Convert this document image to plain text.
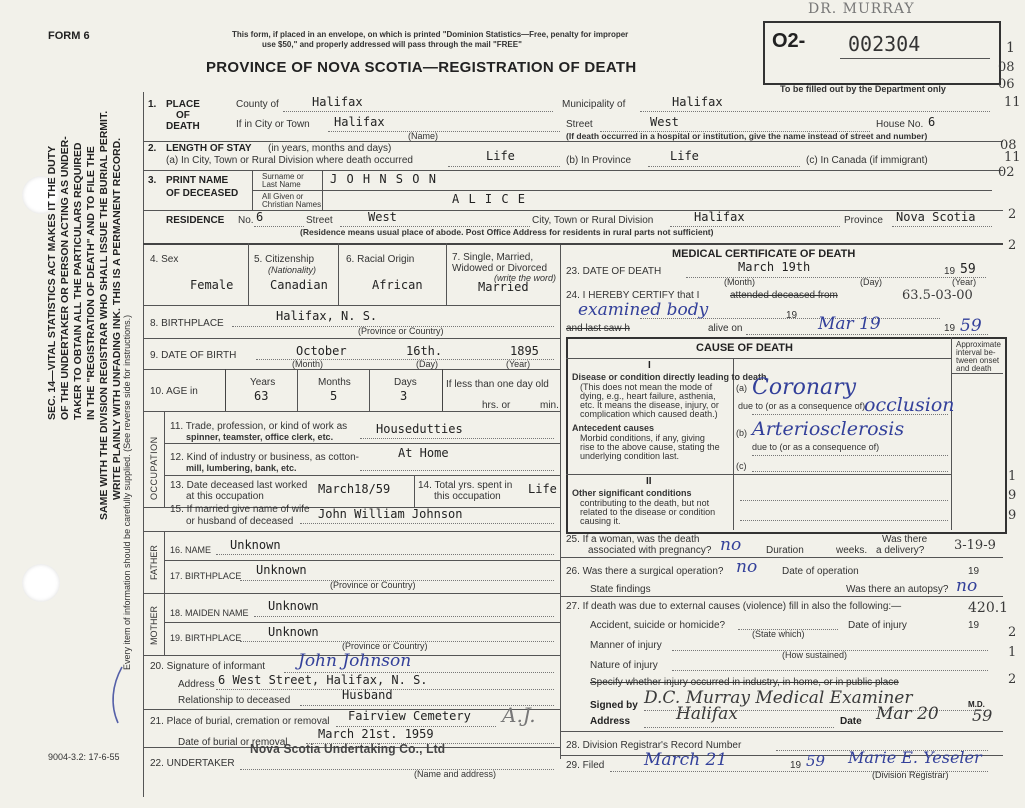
FORM 6	This form, if placed in an envelope, on which is printed "Dominion Statistics—Free, penalty for improper
use $50," and properly addressed will pass through the mail "FREE"
PROVINCE OF NOVA SCOTIA—REGISTRATION OF DEATH
DR. MURRAY
O2- 002304
To be filled out by the Department only
SEC. 14—VITAL STATISTICS ACT MAKES IT THE DUTY OF THE UNDERTAKER OR PERSON ACTING AS UNDER- TAKER TO OBTAIN ALL THE PARTICULARS REQUIRED IN THE "REGISTRATION OF DEATH" AND TO FILE THE SAME WITH THE DIVISION REGISTRAR WHO SHALL ISSUE THE BURIAL PERMIT. WRITE PLAINLY WITH UNFADING INK. THIS IS A PERMANENT RECORD. Every item of information should be carefully supplied. (See reverse side for instructions.)
1. PLACE
OF
DEATH
County of	Halifax	Municipality of	Halifax
If in City or Town Halifax
(Name)
Street	West	House No. 6
(If death occurred in a hospital or institution, give the name instead of street and number)
2. LENGTH OF STAY (in years, months and days)
(a) In City, Town or Rural Division where death occurred	Life	(b) In Province	Life	(c) In Canada (if immigrant)
3. PRINT NAME
OF DECEASED
Surname or
Last Name J O H N S O N
All Given or
Christian Names	A L I C E
RESIDENCE No. 6	Street	West	City, Town or Rural Division	Halifax	Province Nova Scotia
(Residence means usual place of abode. Post Office Address for residents in rural parts not sufficient)
4. Sex
Female
5. Citizenship
(Nationality)
Canadian
6. Racial Origin
African
7. Single, Married,
Widowed or Divorced
(write the word)
Married
8. BIRTHPLACE
Halifax, N. S.
(Province or Country)
9. DATE OF BIRTH	October	16th.	1895
(Month)	(Day)	(Year)
10. AGE in
Years
63
Months
5
Days
3
If less than one day old
hrs. or	min.
OCCUPATION
11. Trade, profession, or kind of work as
spinner, teamster, office clerk, etc.
Housedutties
12. Kind of industry or business, as cotton-
mill, lumbering, bank, etc.
At Home
13. Date deceased last worked
at this occupation
March18/59	14. Total yrs. spent in
this occupation
Life
15. If married give name of wife
or husband of deceased
John William Johnson
FATHER 16. NAME Unknown
17. BIRTHPLACE Unknown
(Province or Country)
MOTHER 18. MAIDEN NAME Unknown
19. BIRTHPLACE Unknown
(Province or Country)
20. Signature of informant John Johnson
Address 6 West Street, Halifax, N. S.
Relationship to deceased	Husband
21. Place of burial, cremation or removal Fairview Cemetery A.J.
Date of burial or removal
March 21st. 1959
22. UNDERTAKER
Nova Scotia Undertaking Co., Ltd
(Name and address)
MEDICAL CERTIFICATE OF DEATH
23. DATE OF DEATH	March 19th	19 59
(Month)	(Day)	(Year)
24. I HEREBY CERTIFY that I	attended deceased from
examined body	19
and last saw h	alive on	Mar 19	19 59
CAUSE OF DEATH	Approximate
interval be-
tween onset
and death
I
Disease or condition directly leading to death
(This does not mean the mode of
dying, e.g., heart failure, asthenia,
etc. It means the disease, injury, or
complication which caused death.)
(a) Coronary
due to (or as a consequence of)
occlusion
Antecedent causes
Morbid conditions, if any, giving
rise to the above cause, stating the
underlying condition last.
(b) Arteriosclerosis
due to (or as a consequence of)
(c)
II
Other significant conditions
contributing to the death, but not
related to the disease or condition
causing it.
25. If a woman, was the death
associated with pregnancy? no Duration	weeks.
Was there
a delivery?
26. Was there a surgical operation? no Date of operation	19
State findings	Was there an autopsy? no
27. If death was due to external causes (violence) fill in also the following:—
Accident, suicide or homicide?
(State which)
Date of injury	19
Manner of injury
(How sustained)
Nature of injury
Specify whether injury occurred in industry, in home, or in public place
Signed by D.C. Murray Medical Examiner
Address	Halifax	Date Mar 20 59
M.D.
28. Division Registrar's Record Number
29. Filed March 21	19 59 Marie E. Yeseler
(Division Registrar)
1
08
06
11
08
11
02
63.5-03-00
3-19-9
420.1
2
2
1
2
1
9
9
2
9004-3.2: 17-6-55
